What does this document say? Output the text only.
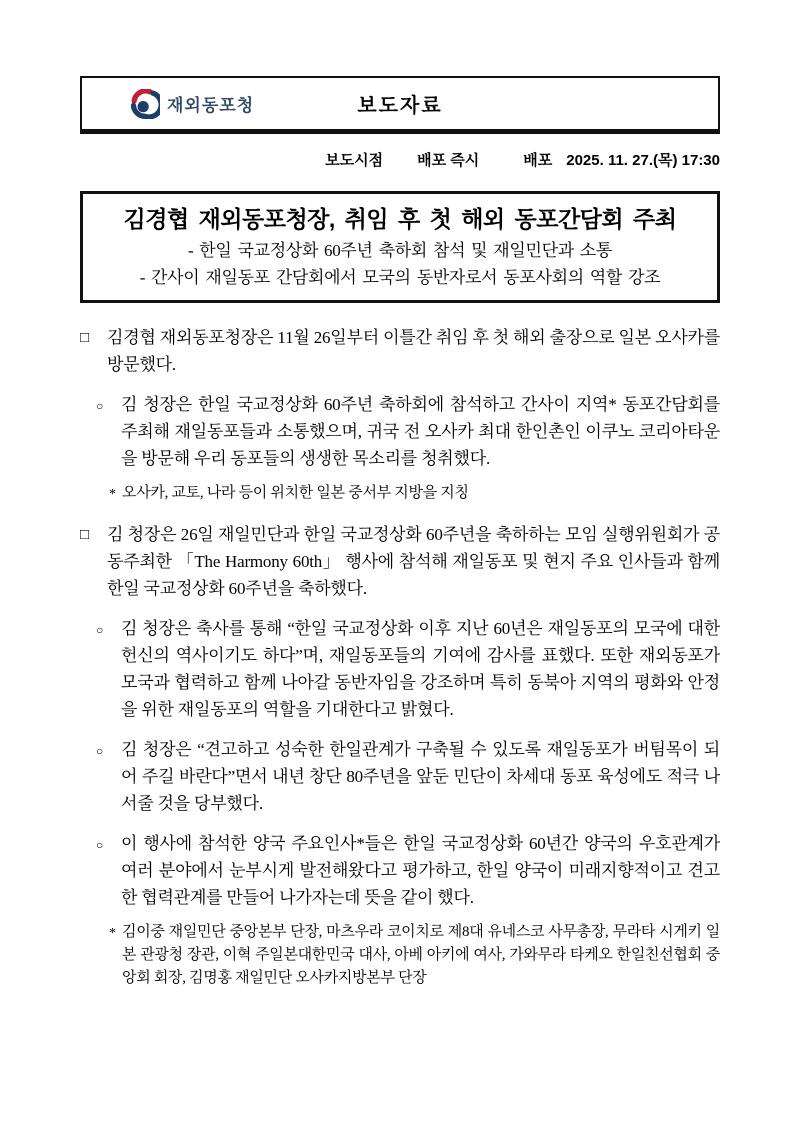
재외동포청	보도자료
보도시점 배포 즉시	배포 2025. 11. 27.(목) 17:30
김경협 재외동포청장, 취임 후 첫 해외 동포간담회 주최
- 한일 국교정상화 60주년 축하회 참석 및 재일민단과 소통
- 간사이 재일동포 간담회에서 모국의 동반자로서 동포사회의 역할 강조
□ 김경협 재외동포청장은 11월 26일부터 이틀간 취임 후 첫 해외 출장으로 일본 오사카를 방문했다.
○ 김 청장은 한일 국교정상화 60주년 축하회에 참석하고 간사이 지역* 동포간담회를 주최해 재일동포들과 소통했으며, 귀국 전 오사카 최대 한인촌인 이쿠노 코리아타운을 방문해 우리 동포들의 생생한 목소리를 청취했다.
* 오사카, 교토, 나라 등이 위치한 일본 중서부 지방을 지칭
□ 김 청장은 26일 재일민단과 한일 국교정상화 60주년을 축하하는 모임 실행위원회가 공동주최한 「The Harmony 60th」 행사에 참석해 재일동포 및 현지 주요 인사들과 함께 한일 국교정상화 60주년을 축하했다.
○ 김 청장은 축사를 통해 “한일 국교정상화 이후 지난 60년은 재일동포의 모국에 대한 헌신의 역사이기도 하다”며, 재일동포들의 기여에 감사를 표했다. 또한 재외동포가 모국과 협력하고 함께 나아갈 동반자임을 강조하며 특히 동북아 지역의 평화와 안정을 위한 재일동포의 역할을 기대한다고 밝혔다.
○ 김 청장은 “견고하고 성숙한 한일관계가 구축될 수 있도록 재일동포가 버팀목이 되어 주길 바란다”면서 내년 창단 80주년을 앞둔 민단이 차세대 동포 육성에도 적극 나서줄 것을 당부했다.
○ 이 행사에 참석한 양국 주요인사*들은 한일 국교정상화 60년간 양국의 우호관계가 여러 분야에서 눈부시게 발전해왔다고 평가하고, 한일 양국이 미래지향적이고 견고한 협력관계를 만들어 나가자는데 뜻을 같이 했다.
* 김이중 재일민단 중앙본부 단장, 마츠우라 코이치로 제8대 유네스코 사무총장, 무라타 시게키 일본 관광청 장관, 이혁 주일본대한민국 대사, 아베 아키에 여사, 가와무라 타케오 한일친선협회 중앙회 회장, 김명홍 재일민단 오사카지방본부 단장
